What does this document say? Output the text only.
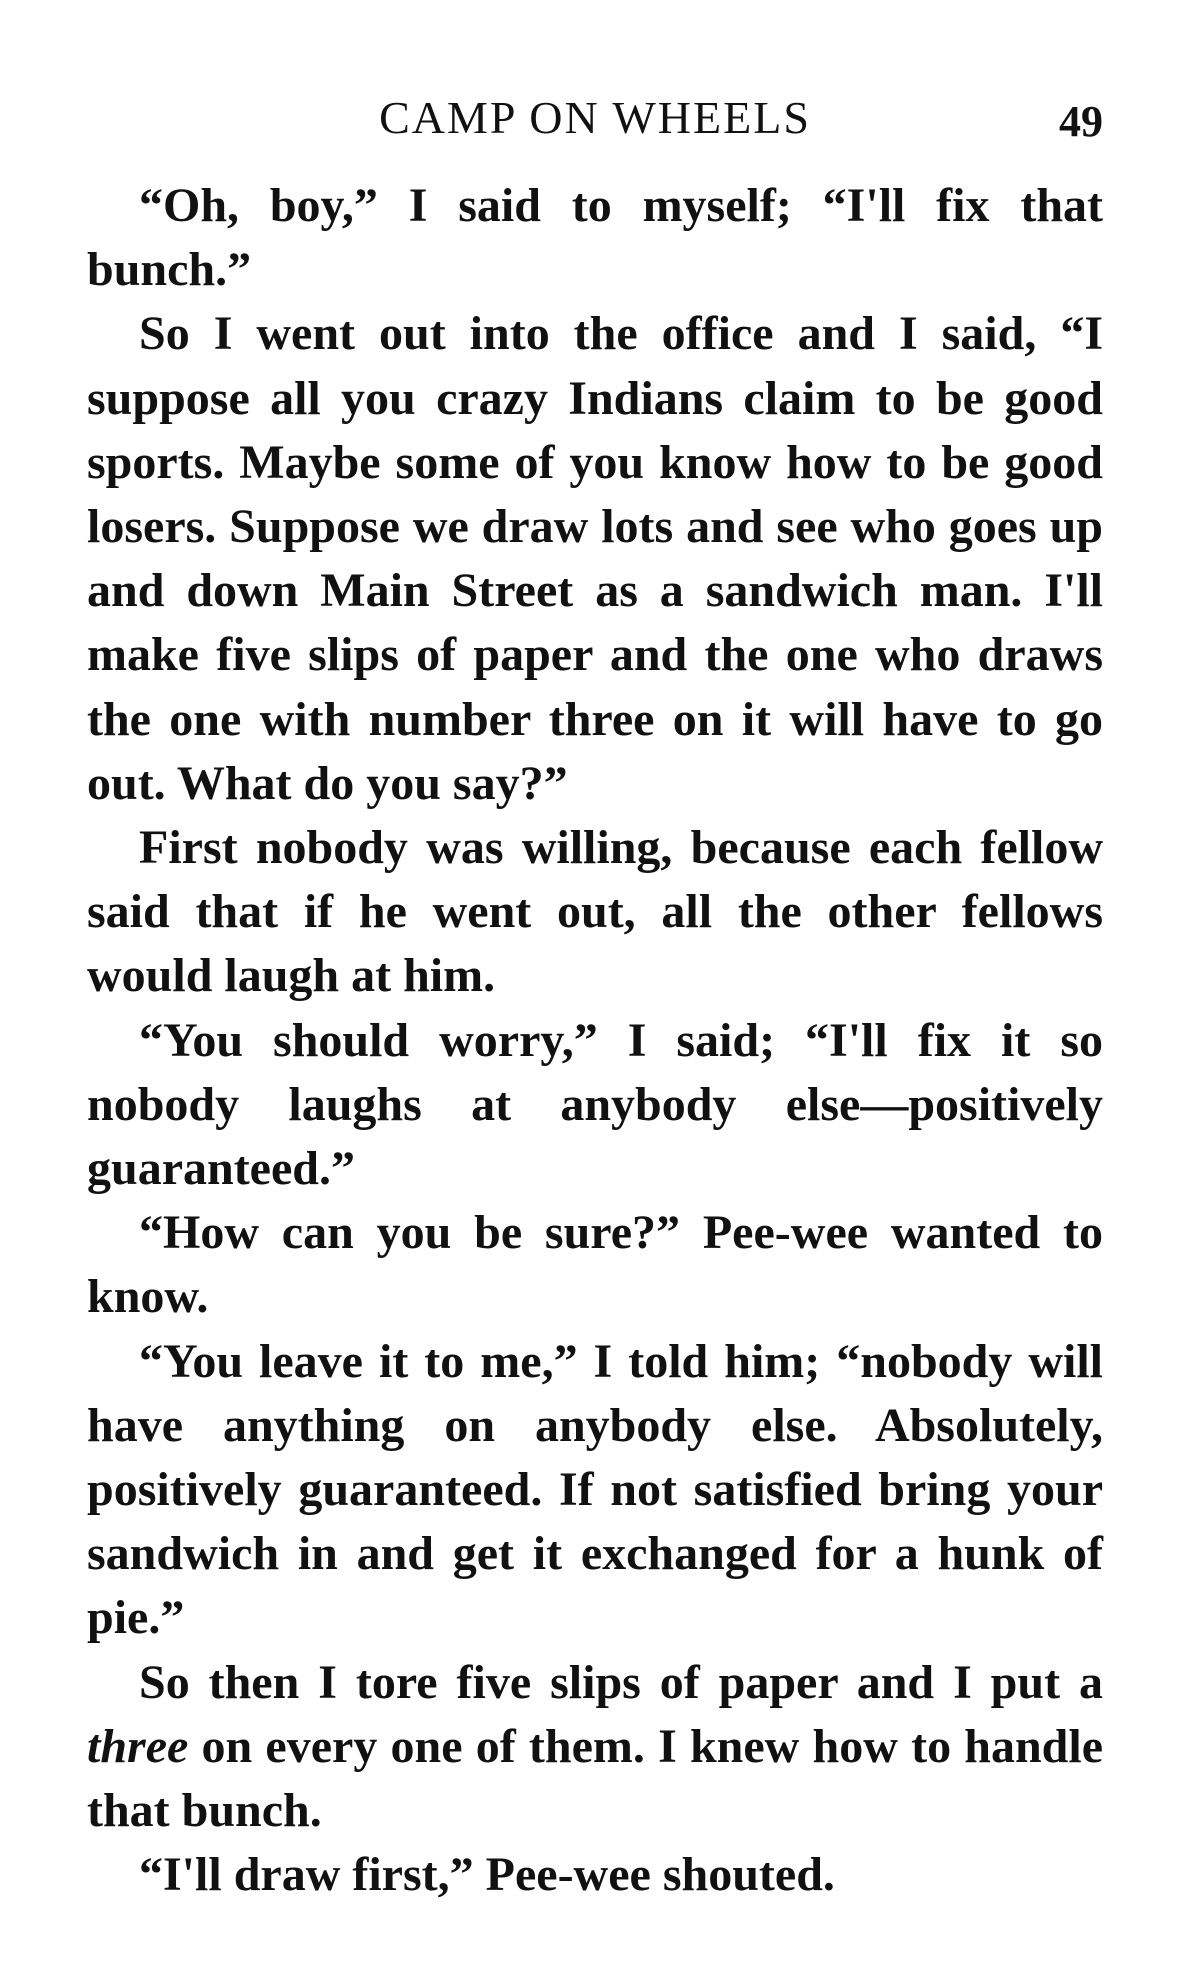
CAMP ON WHEELS	49

“Oh, boy,” I said to myself; “I'll fix that bunch.”

So I went out into the office and I said, “I suppose all you crazy Indians claim to be good sports. Maybe some of you know how to be good losers. Suppose we draw lots and see who goes up and down Main Street as a sandwich man. I'll make five slips of paper and the one who draws the one with number three on it will have to go out. What do you say?”

First nobody was willing, because each fellow said that if he went out, all the other fellows would laugh at him.

“You should worry,” I said; “I'll fix it so nobody laughs at anybody else—positively guaranteed.”

“How can you be sure?” Pee-wee wanted to know.

“You leave it to me,” I told him; “nobody will have anything on anybody else. Absolutely, positively guaranteed. If not satisfied bring your sandwich in and get it exchanged for a hunk of pie.”

So then I tore five slips of paper and I put a three on every one of them. I knew how to handle that bunch.

“I'll draw first,” Pee-wee shouted.
